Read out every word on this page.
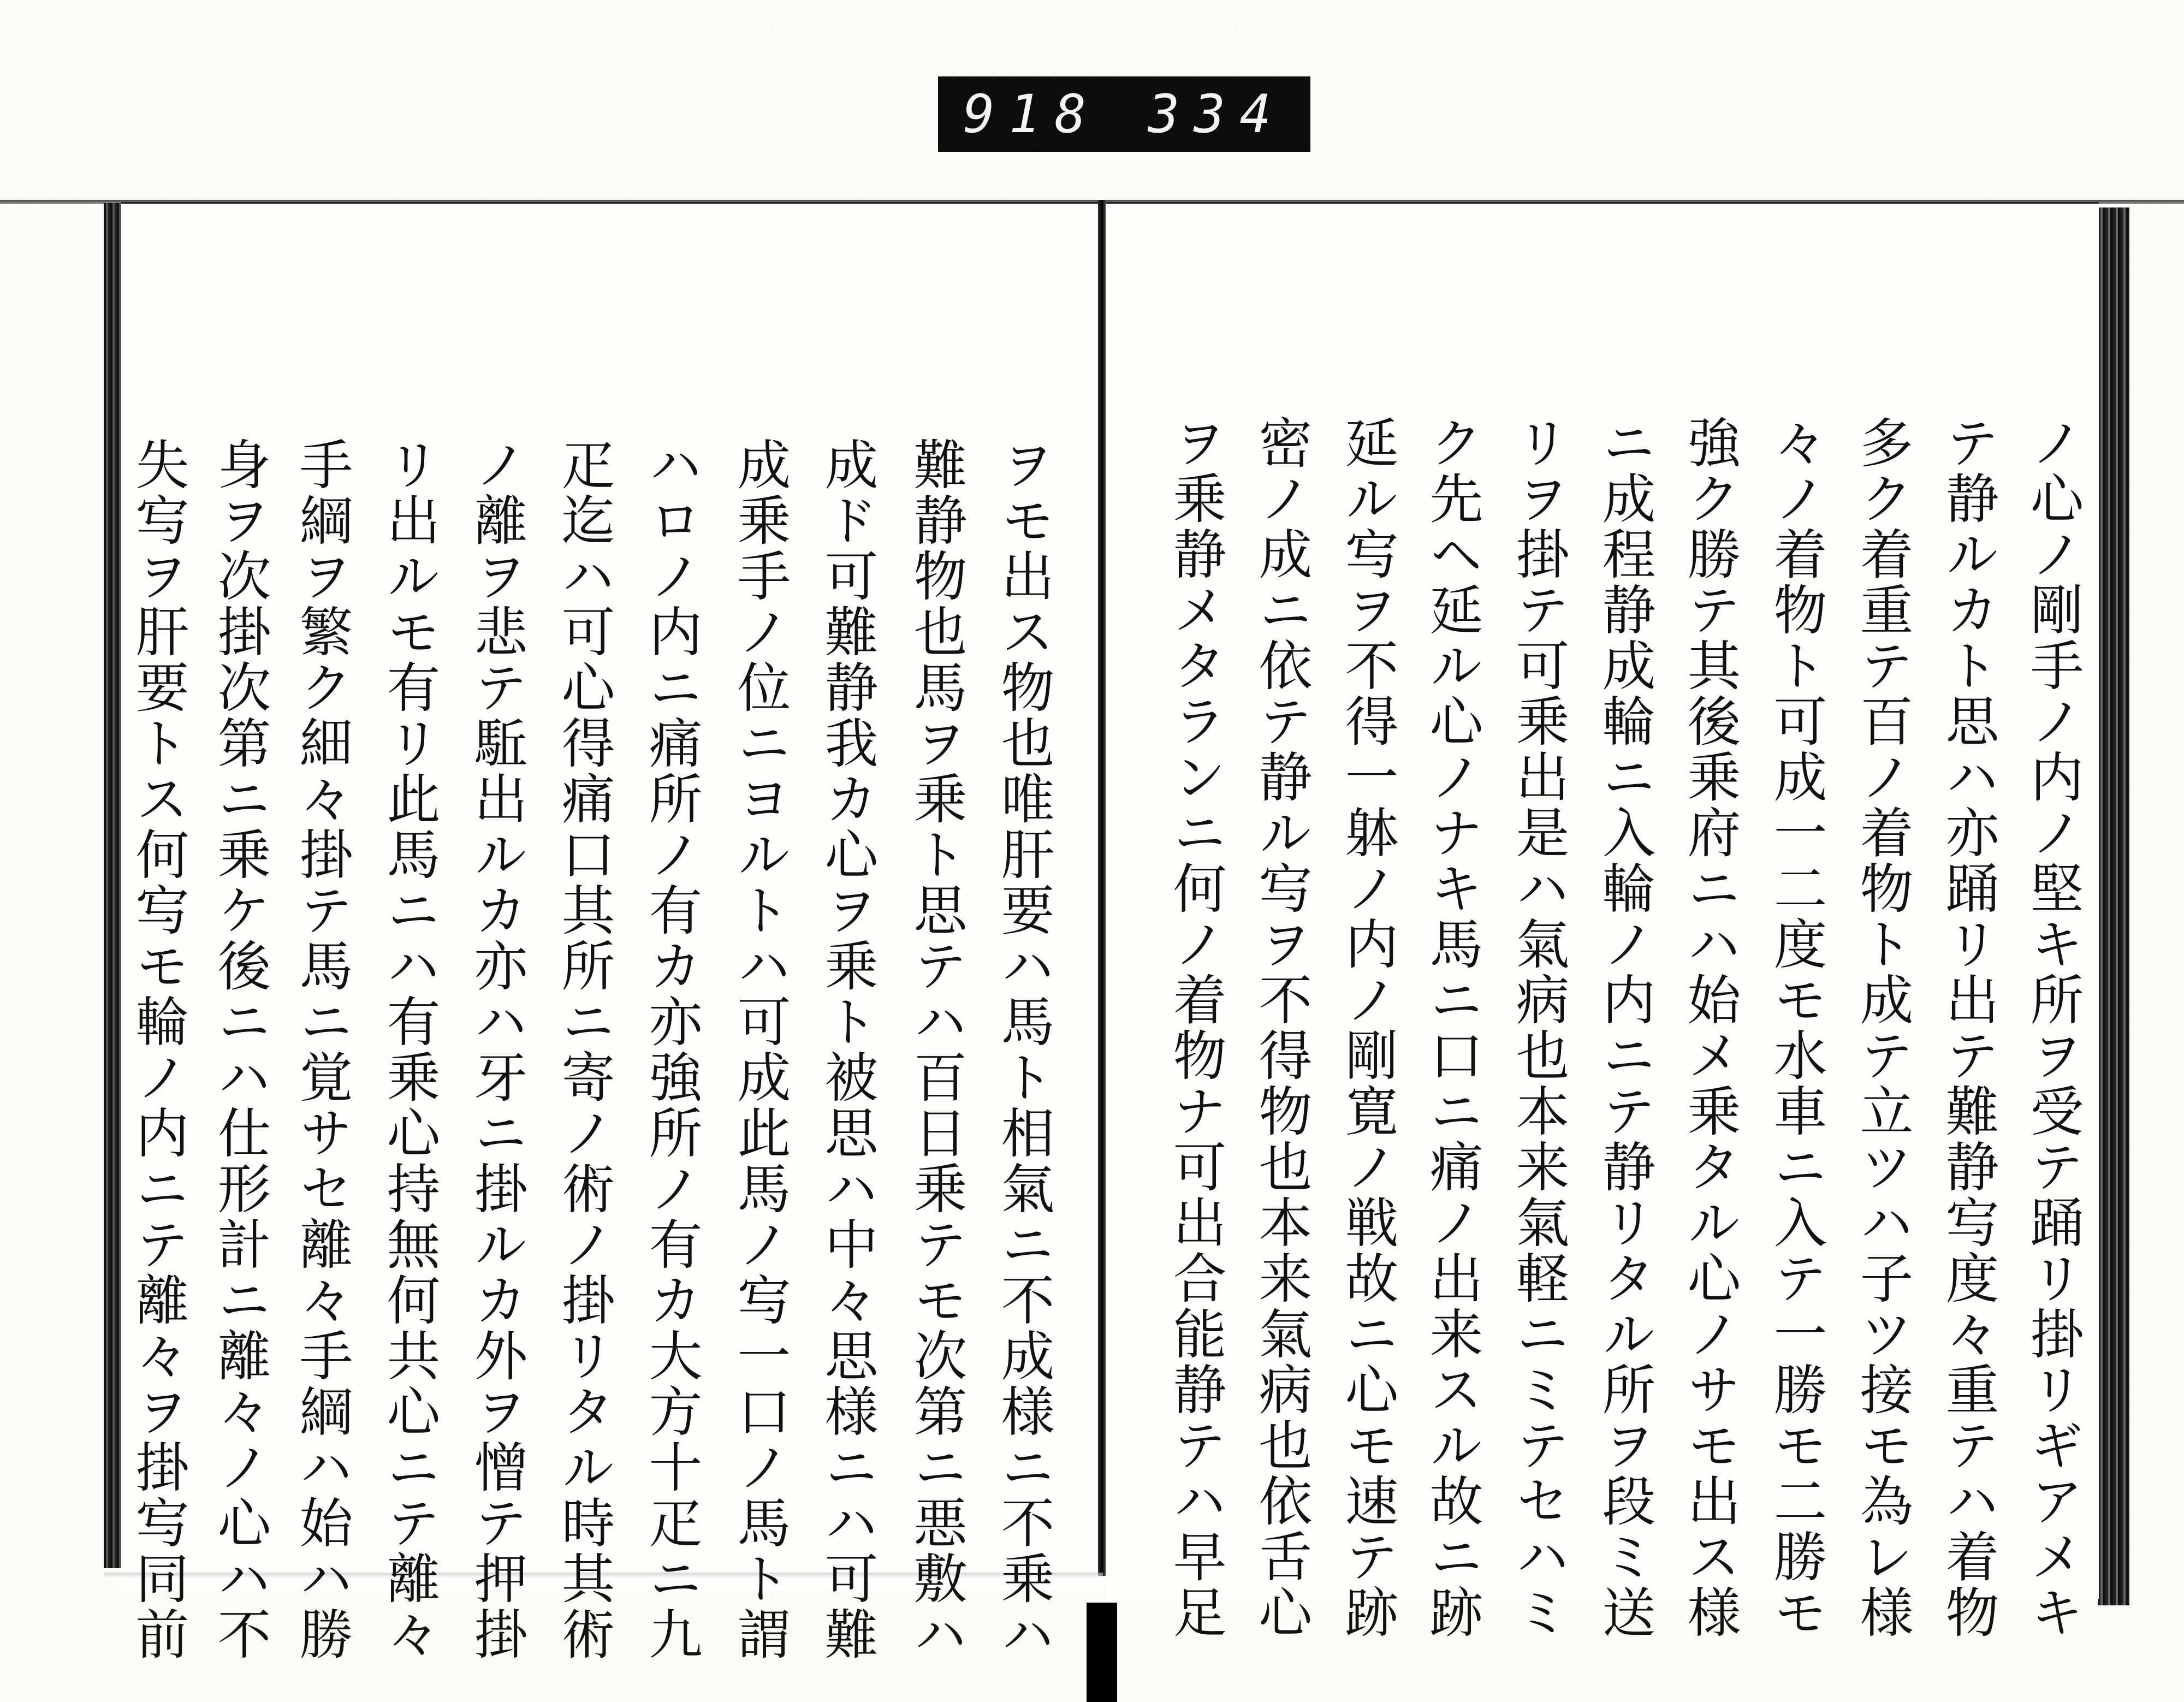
918 334
ノ心ノ剛手ノ内ノ堅キ所ヲ受テ踊リ掛リギアメキ
テ静ルカト思ハ亦踊リ出テ難静㝍度々重テハ着物
多ク着重テ百ノ着物ト成テ立ツハ子ツ接モ為レ様
々ノ着物ト可成一二度モ水車ニ入テ一勝モ二勝モ
強ク勝テ其後乗府ニハ始メ乗タル心ノサモ出ス様
ニ成程静成輪ニ入輪ノ内ニテ静リタル所ヲ段ミ送
リヲ掛テ可乗出是ハ氣病也本来氣軽ニミテセハミ
ク先ヘ延ル心ノナキ馬ニ口ニ痛ノ出来スル故ニ跡
延ル㝍ヲ不得一躰ノ内ノ剛寛ノ戦故ニ心モ速テ跡
密ノ成ニ依テ静ル㝍ヲ不得物也本来氣病也依舌心
ヲ乗静メタランニ何ノ着物ナ可出合能静テハ早足
ヲモ出ス物也唯肝要ハ馬ト相氣ニ不成様ニ不乗ハ
難静物也馬ヲ乗ト思テハ百日乗テモ次第ニ悪敷ハ
成ド可難静我カ心ヲ乗ト被思ハ中々思様ニハ可難
成乗手ノ位ニヨルトハ可成此馬ノ㝍一口ノ馬ト謂
ハロノ内ニ痛所ノ有カ亦強所ノ有カ大方十疋ニ九
疋迄ハ可心得痛口其所ニ寄ノ術ノ掛リタル時其術
ノ離ヲ悲テ駈出ルカ亦ハ牙ニ掛ルカ外ヲ憎テ押掛
リ出ルモ有リ此馬ニハ有乗心持無何共心ニテ離々
手綱ヲ繁ク細々掛テ馬ニ覚サセ離々手綱ハ始ハ勝
身ヲ次掛次第ニ乗ケ後ニハ仕形計ニ離々ノ心ハ不
失㝍ヲ肝要トス何㝍モ輪ノ内ニテ離々ヲ掛㝍同前
